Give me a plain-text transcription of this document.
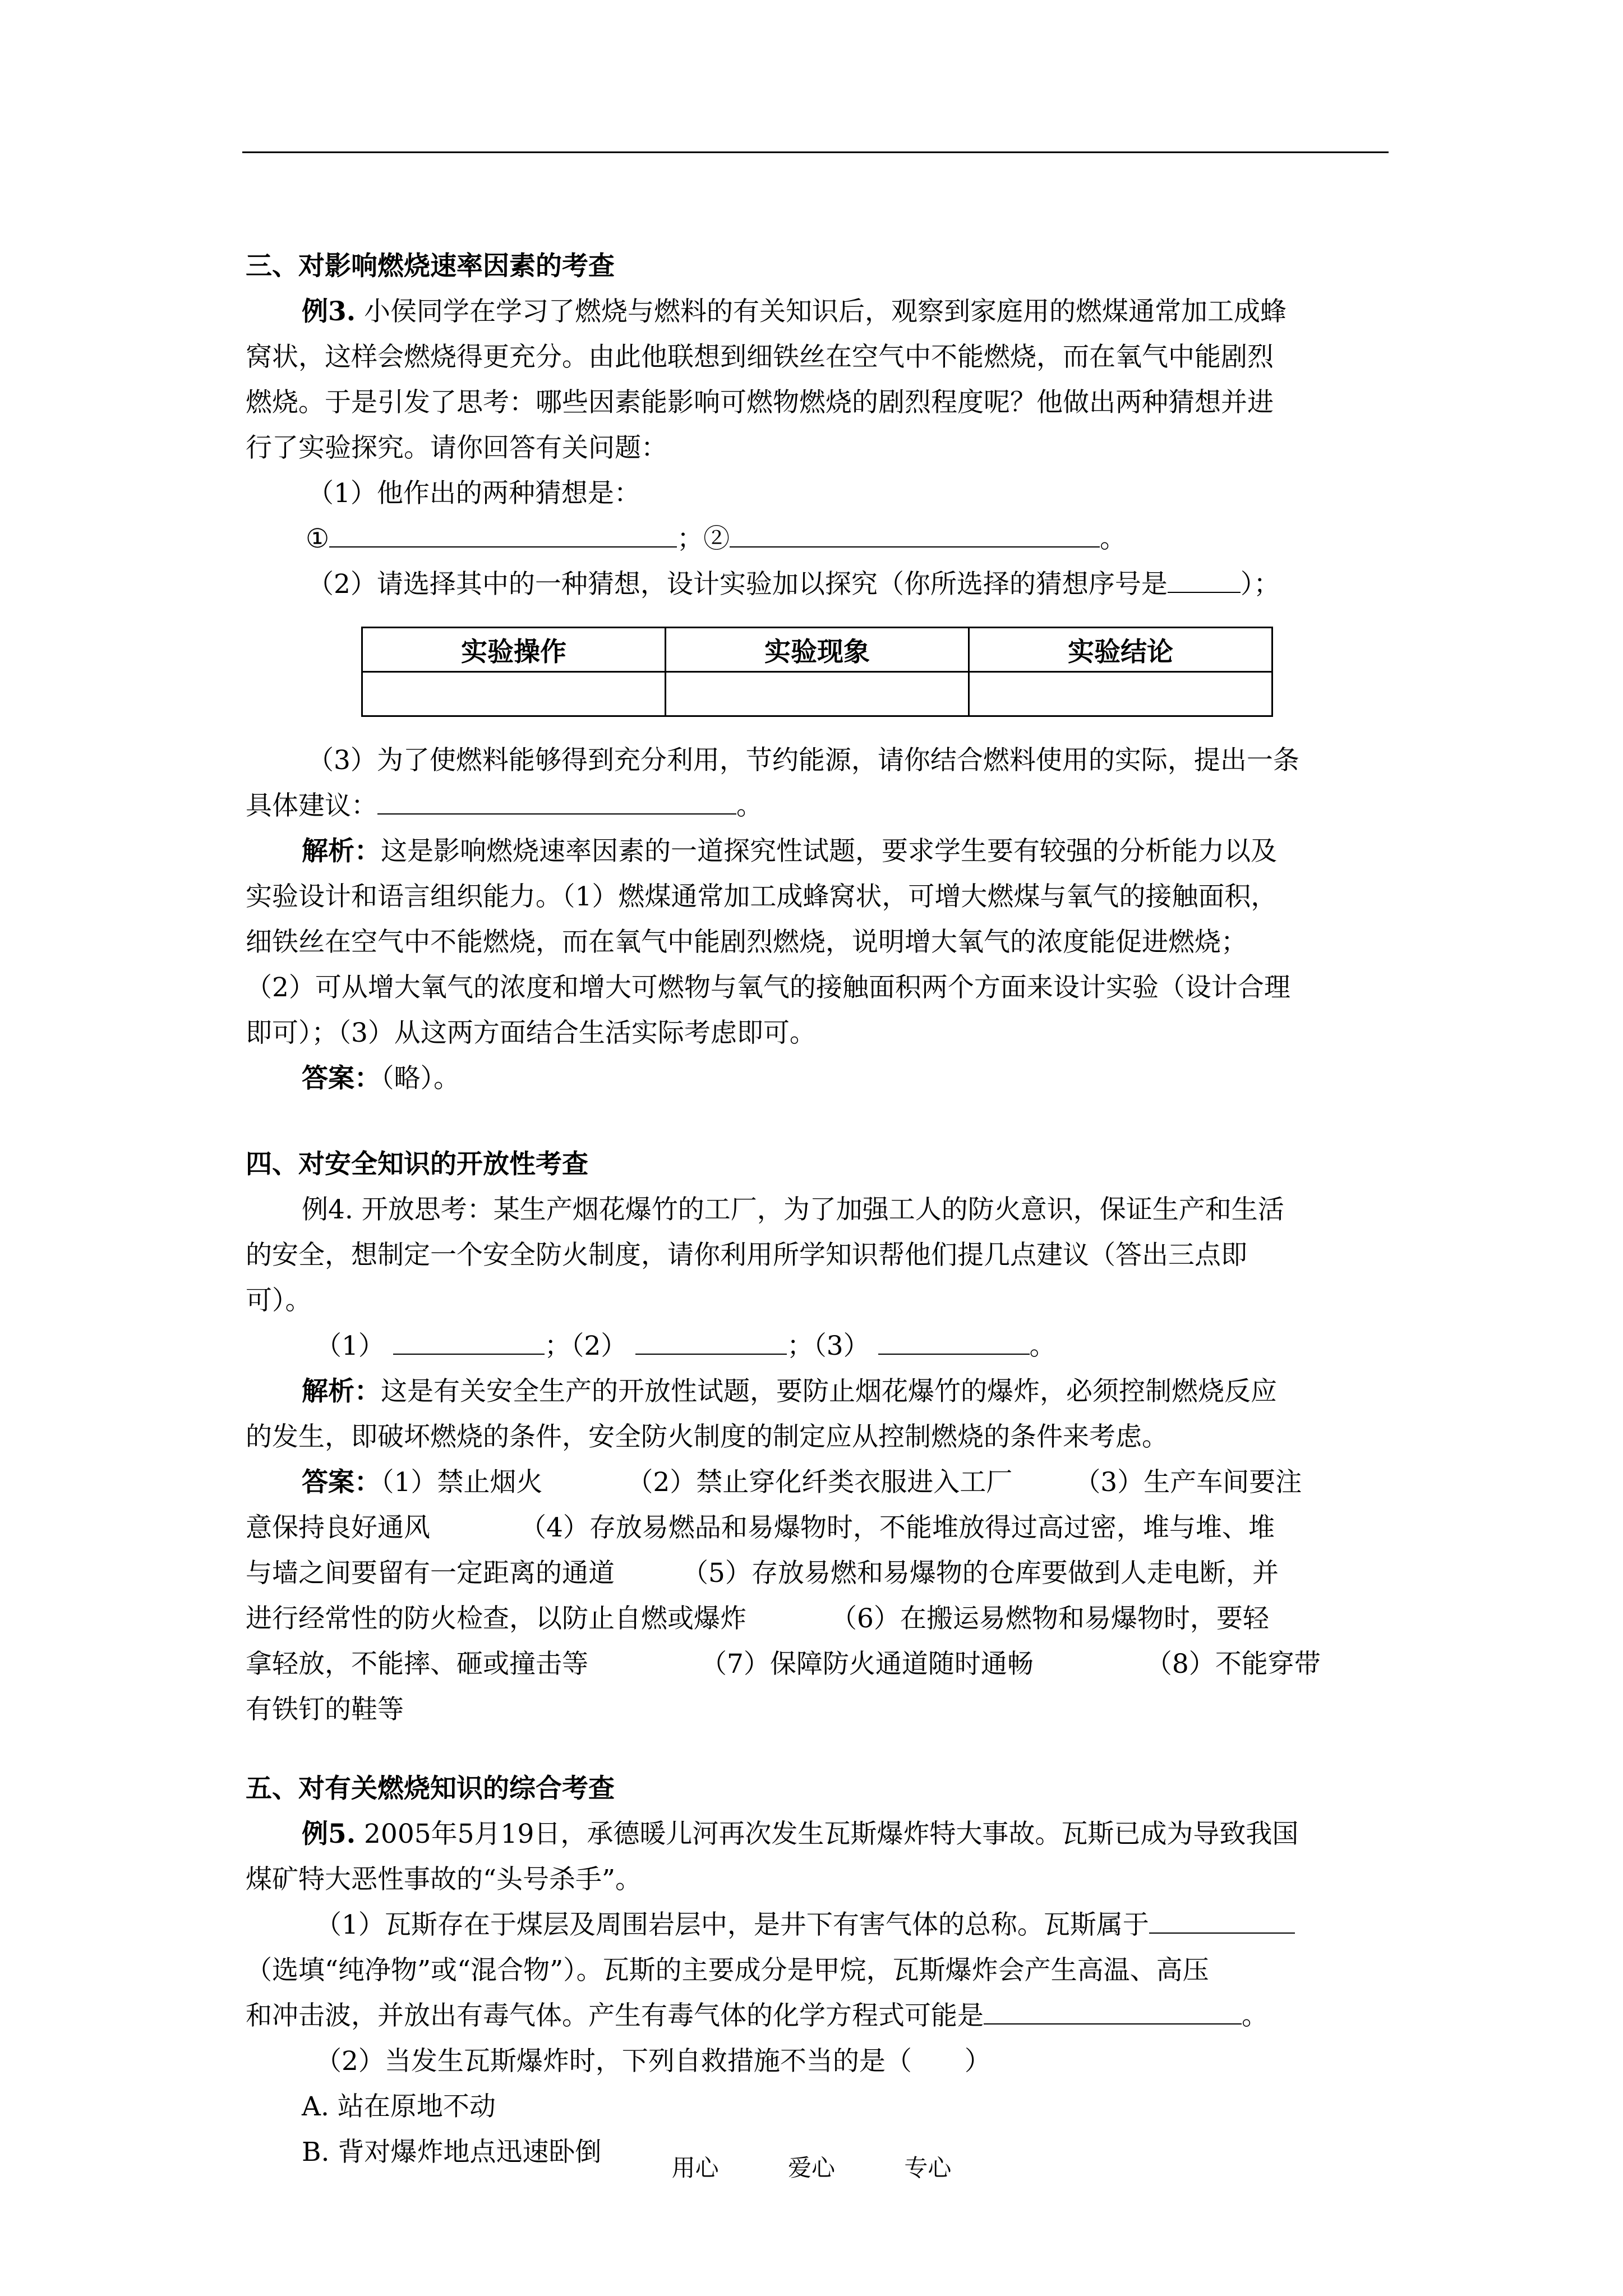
三、对影响燃烧速率因素的考查

例3. 小侯同学在学习了燃烧与燃料的有关知识后，观察到家庭用的燃煤通常加工成蜂

窝状，这样会燃烧得更充分。由此他联想到细铁丝在空气中不能燃烧，而在氧气中能剧烈

燃烧。于是引发了思考：哪些因素能影响可燃物燃烧的剧烈程度呢？他做出两种猜想并进

行了实验探究。请你回答有关问题：

（1）他作出的两种猜想是：

①	；②	。

（2）请选择其中的一种猜想，设计实验加以探究（你所选择的猜想序号是	）；

实验操作	实验现象	实验结论

（3）为了使燃料能够得到充分利用，节约能源，请你结合燃料使用的实际，提出一条

具体建议：	。

解析：这是影响燃烧速率因素的一道探究性试题，要求学生要有较强的分析能力以及

实验设计和语言组织能力。（1）燃煤通常加工成蜂窝状，可增大燃煤与氧气的接触面积，

细铁丝在空气中不能燃烧，而在氧气中能剧烈燃烧，说明增大氧气的浓度能促进燃烧；

（2）可从增大氧气的浓度和增大可燃物与氧气的接触面积两个方面来设计实验（设计合理

即可）；（3）从这两方面结合生活实际考虑即可。

答案：（略）。

四、对安全知识的开放性考查

例4. 开放思考：某生产烟花爆竹的工厂，为了加强工人的防火意识，保证生产和生活

的安全，想制定一个安全防火制度，请你利用所学知识帮他们提几点建议（答出三点即

可）。

（1）	；（2）	；（3）	。

解析：这是有关安全生产的开放性试题，要防止烟花爆竹的爆炸，必须控制燃烧反应

的发生，即破坏燃烧的条件，安全防火制度的制定应从控制燃烧的条件来考虑。

答案：（1）禁止烟火	（2）禁止穿化纤类衣服进入工厂 （3）生产车间要注

意保持良好通风	（4）存放易燃品和易爆物时，不能堆放得过高过密，堆与堆、堆

与墙之间要留有一定距离的通道	（5）存放易燃和易爆物的仓库要做到人走电断，并

进行经常性的防火检查，以防止自燃或爆炸	（6）在搬运易燃物和易爆物时，要轻

拿轻放，不能摔、砸或撞击等	（7）保障防火通道随时通畅	（8）不能穿带

有铁钉的鞋等

五、对有关燃烧知识的综合考查

例5. 2005年5月19日，承德暖儿河再次发生瓦斯爆炸特大事故。瓦斯已成为导致我国

煤矿特大恶性事故的“头号杀手”。

（1）瓦斯存在于煤层及周围岩层中，是井下有害气体的总称。瓦斯属于

（选填“纯净物”或“混合物”）。瓦斯的主要成分是甲烷，瓦斯爆炸会产生高温、高压

和冲击波，并放出有毒气体。产生有毒气体的化学方程式可能是	。

（2）当发生瓦斯爆炸时，下列自救措施不当的是（　　）

A. 站在原地不动

B. 背对爆炸地点迅速卧倒

用心	爱心	专心
